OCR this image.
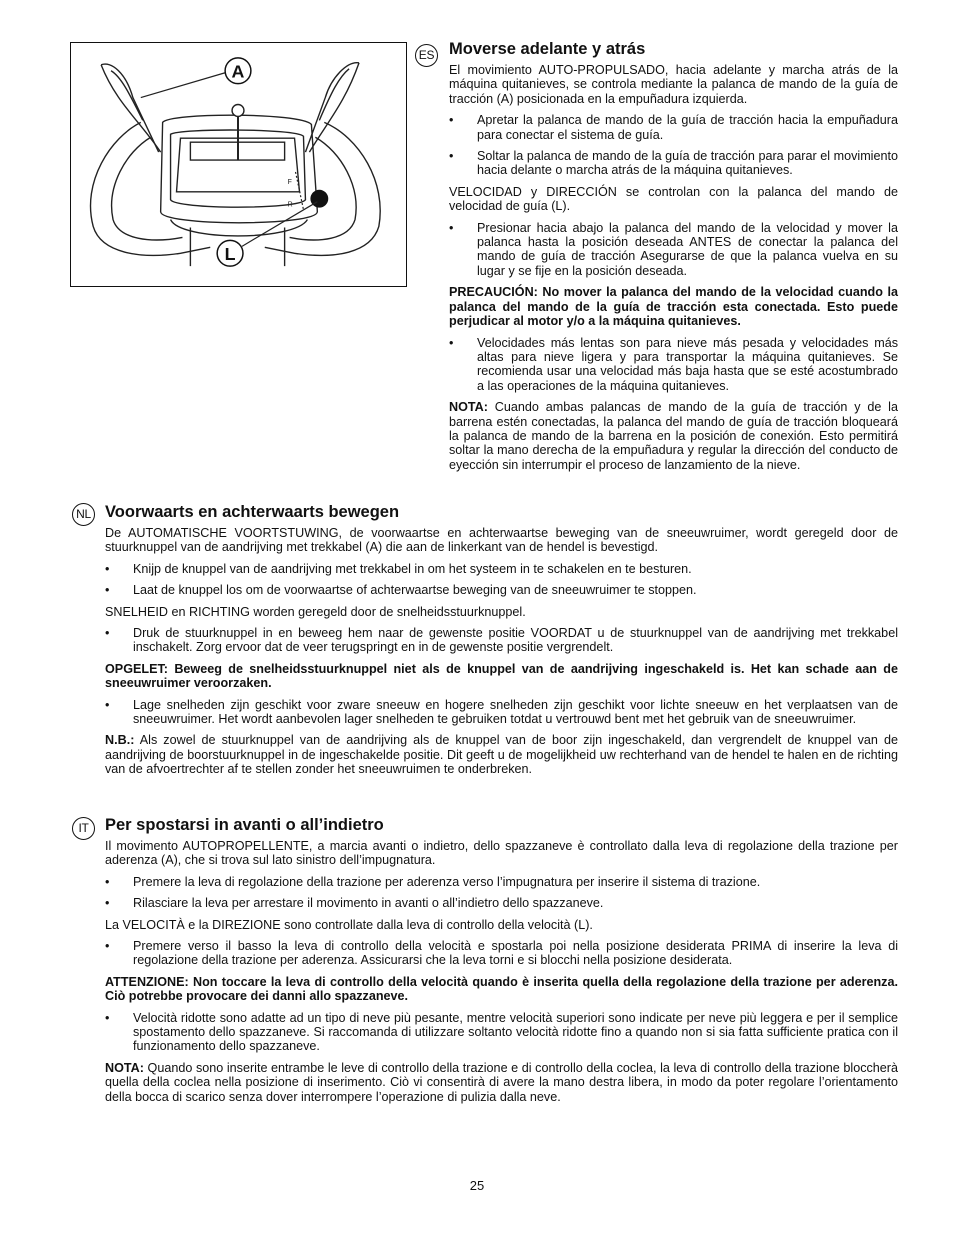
F
R
A
L
ES Moverse adelante y atrás

El movimiento AUTO-PROPULSADO, hacia adelante y marcha atrás de la máquina quitanieves, se controla mediante la palanca de mando de la guía de tracción (A) posicionada en la empuñadura izquierda.

• Apretar la palanca de mando de la guía de tracción hacia la empuñadura para conectar el sistema de guía.
• Soltar la palanca de mando de la guía de tracción para parar el movimiento hacia delante o marcha atrás de la máquina quitanieves.

VELOCIDAD y DIRECCIÓN se controlan con la palanca del mando de velocidad de guía (L).

• Presionar hacia abajo la palanca del mando de la velocidad y mover la palanca hasta la posición deseada ANTES de conectar la palanca del mando de guía de tracción Asegurarse de que la palanca vuelva en su lugar y se fije en la posición deseada.

PRECAUCIÓN: No mover la palanca del mando de la velocidad cuando la palanca del mando de la guía de tracción esta conectada. Esto puede perjudicar al motor y/o a la máquina quitanieves.

• Velocidades más lentas son para nieve más pesada y velocidades más altas para nieve ligera y para transportar la máquina quitanieves. Se recomienda usar una velocidad más baja hasta que se esté acostumbrado a las operaciones de la máquina quitanieves.

NOTA: Cuando ambas palancas de mando de la guía de tracción y de la barrena estén conectadas, la palanca del mando de guía de tracción bloqueará la palanca de mando de la barrena en la posición de conexión. Esto permitirá soltar la mano derecha de la empuñadura y regular la dirección del conducto de eyección sin interrumpir el proceso de lanzamiento de la nieve.

NL Voorwaarts en achterwaarts bewegen

De AUTOMATISCHE VOORTSTUWING, de voorwaartse en achterwaartse beweging van de sneeuwruimer, wordt geregeld door de stuurknuppel van de aandrijving met trekkabel (A) die aan de linkerkant van de hendel is bevestigd.

• Knijp de knuppel van de aandrijving met trekkabel in om het systeem in te schakelen en te besturen.
• Laat de knuppel los om de voorwaartse of achterwaartse beweging van de sneeuwruimer te stoppen.

SNELHEID en RICHTING worden geregeld door de snelheidsstuurknuppel.

• Druk de stuurknuppel in en beweeg hem naar de gewenste positie VOORDAT u de stuurknuppel van de aandrijving met trekkabel inschakelt. Zorg ervoor dat de veer terugspringt en in de gewenste positie vergrendelt.

OPGELET: Beweeg de snelheidsstuurknuppel niet als de knuppel van de aandrijving ingeschakeld is. Het kan schade aan de sneeuwruimer veroorzaken.

• Lage snelheden zijn geschikt voor zware sneeuw en hogere snelheden zijn geschikt voor lichte sneeuw en het verplaatsen van de sneeuwruimer. Het wordt aanbevolen lager snelheden te gebruiken totdat u vertrouwd bent met het gebruik van de sneeuwruimer.

N.B.: Als zowel de stuurknuppel van de aandrijving als de knuppel van de boor zijn ingeschakeld, dan vergrendelt de knuppel van de aandrijving de boorstuurknuppel in de ingeschakelde positie. Dit geeft u de mogelijkheid uw rechterhand van de hendel te halen en de richting van de afvoertrechter af te stellen zonder het sneeuwruimen te onderbreken.

IT Per spostarsi in avanti o all’indietro

Il movimento AUTOPROPELLENTE, a marcia avanti o indietro, dello spazzaneve è controllato dalla leva di regolazione della trazione per aderenza (A), che si trova sul lato sinistro dell’impugnatura.

• Premere la leva di regolazione della trazione per aderenza verso l’impugnatura per inserire il sistema di trazione.
• Rilasciare la leva per arrestare il movimento in avanti o all’indietro dello spazzaneve.

La VELOCITÀ e la DIREZIONE sono controllate dalla leva di controllo della velocità (L).

• Premere verso il basso la leva di controllo della velocità e spostarla poi nella posizione desiderata PRIMA di inserire la leva di regolazione della trazione per aderenza. Assicurarsi che la leva torni e si blocchi nella posizione desiderata.

ATTENZIONE: Non toccare la leva di controllo della velocità quando è inserita quella della regolazione della trazione per aderenza. Ciò potrebbe provocare dei danni allo spazzaneve.

• Velocità ridotte sono adatte ad un tipo di neve più pesante, mentre velocità superiori sono indicate per neve più leggera e per il semplice spostamento dello spazzaneve. Si raccomanda di utilizzare soltanto velocità ridotte fino a quando non si sia fatta sufficiente pratica con il funzionamento dello spazzaneve.

NOTA: Quando sono inserite entrambe le leve di controllo della trazione e di controllo della coclea, la leva di controllo della trazione bloccherà quella della coclea nella posizione di inserimento. Ciò vi consentirà di avere la mano destra libera, in modo da poter regolare l’orientamento della bocca di scarico senza dover interrompere l’operazione di pulizia dalla neve.

25
